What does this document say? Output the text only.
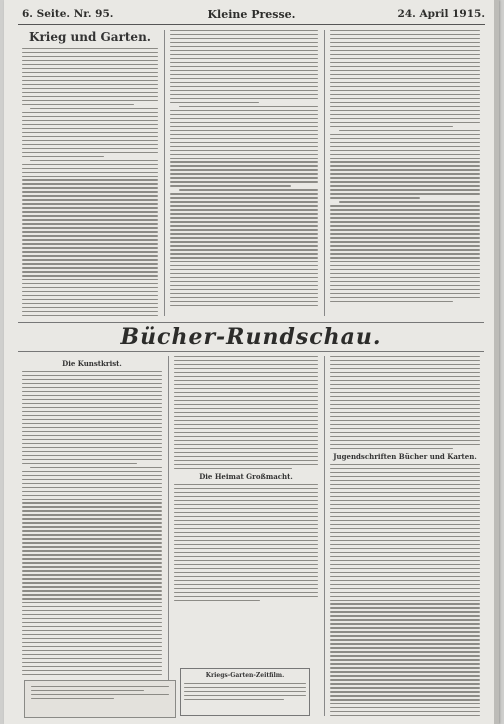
6. Seite. Nr. 95.	Kleine Presse.	24. April 1915.
Krieg und Garten.
Bücher-Rundschau.
Die Kunstkrist.
Die Heimat Großmacht.
Kriegs-Garten-Zeitfilm.
Jugendschriften Bücher und Karten.
